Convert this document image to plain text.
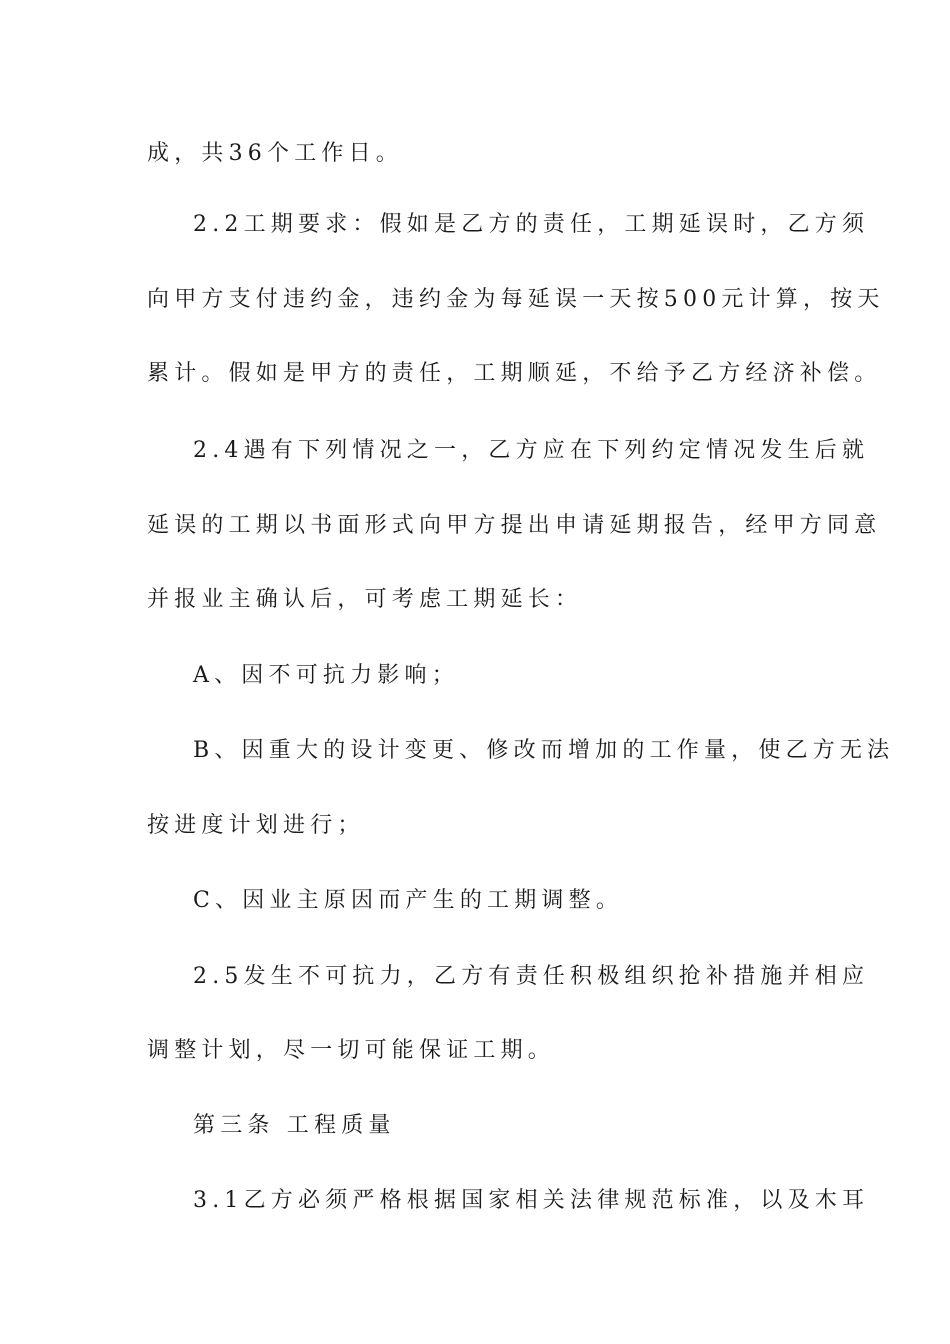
成，共36个工作日。
2.2工期要求：假如是乙方的责任，工期延误时，乙方须
向甲方支付违约金，违约金为每延误一天按500元计算，按天
累计。假如是甲方的责任，工期顺延，不给予乙方经济补偿。
2.4遇有下列情况之一，乙方应在下列约定情况发生后就
延误的工期以书面形式向甲方提出申请延期报告，经甲方同意
并报业主确认后，可考虑工期延长：
A、因不可抗力影响；
B、因重大的设计变更、修改而增加的工作量，使乙方无法
按进度计划进行；
C、因业主原因而产生的工期调整。
2.5发生不可抗力，乙方有责任积极组织抢补措施并相应
调整计划，尽一切可能保证工期。
第三条 工程质量
3.1乙方必须严格根据国家相关法律规范标准，以及木耳
